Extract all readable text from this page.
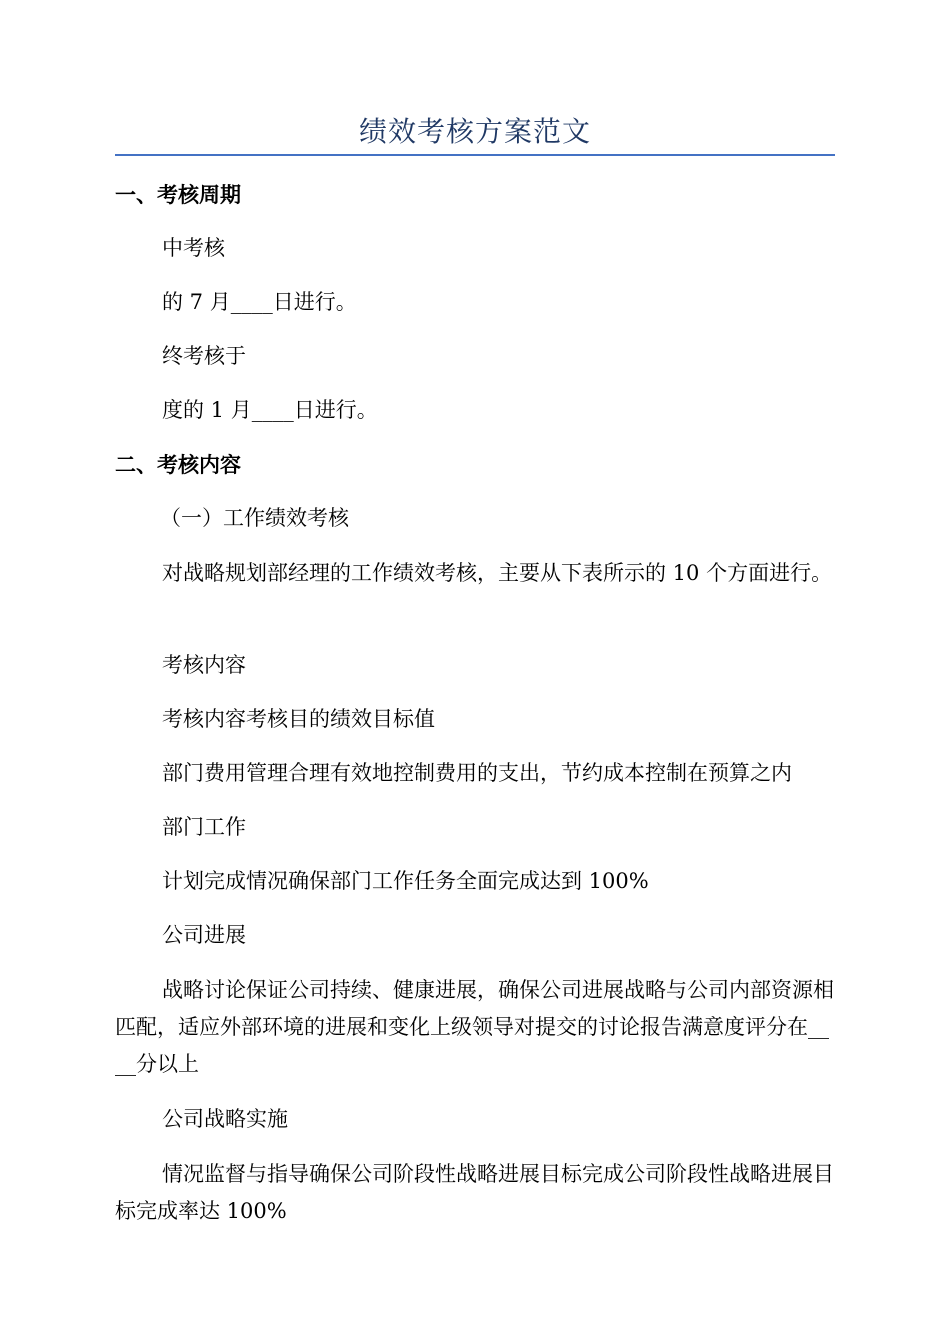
绩效考核方案范文
一、考核周期
中考核
的 7 月____日进行。
终考核于
度的 1 月____日进行。
二、考核内容
（一）工作绩效考核
对战略规划部经理的工作绩效考核，主要从下表所示的 10 个方面进行。
考核内容
考核内容考核目的绩效目标值
部门费用管理合理有效地控制费用的支出，节约成本控制在预算之内
部门工作
计划完成情况确保部门工作任务全面完成达到 100%
公司进展
战略讨论保证公司持续、健康进展，确保公司进展战略与公司内部资源相匹配，适应外部环境的进展和变化上级领导对提交的讨论报告满意度评分在____分以上
公司战略实施
情况监督与指导确保公司阶段性战略进展目标完成公司阶段性战略进展目标完成率达 100%
